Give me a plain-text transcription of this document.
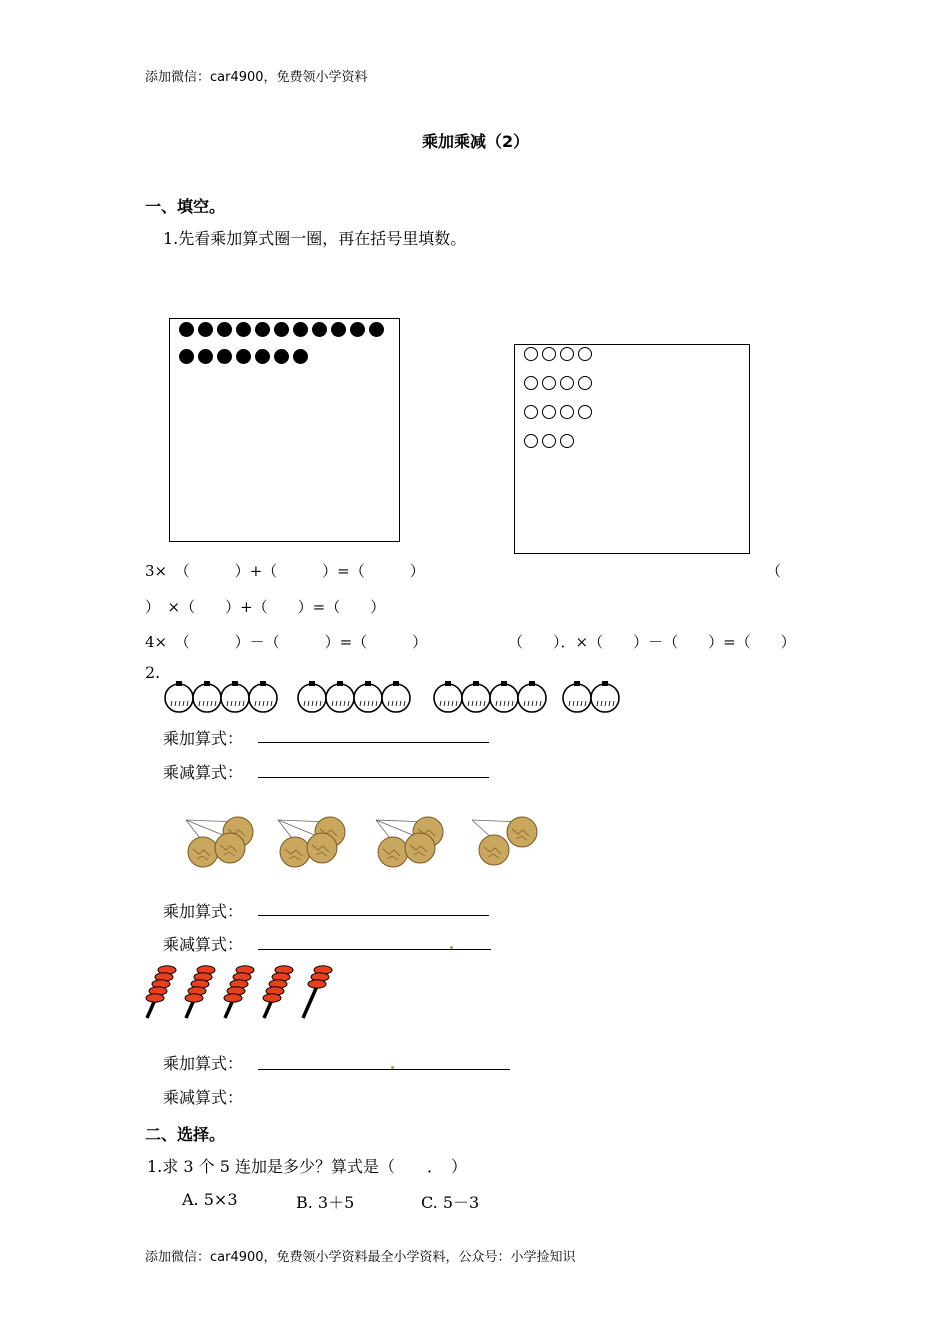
添加微信：car4900，免费领小学资料
乘加乘减（2）
一、填空。
1.先看乘加算式圈一圈，再在括号里填数。
3×　（　　　）+（　　　）=（　　　）	（
）　×（　　）+（　　）=（　　）
4×　（　　　）－（　　　）=（　　　）	（　　）．×（　　）－（　　）=（　　）
2.
乘加算式：
乘减算式：
乘加算式：
乘减算式：
乘加算式：
乘减算式：
二、选择。
1.求 3 个 5 连加是多少？算式是（　　．　）
A. 5×3	B. 3＋5	C. 5－3
添加微信：car4900，免费领小学资料最全小学资料，公众号：小学捡知识
